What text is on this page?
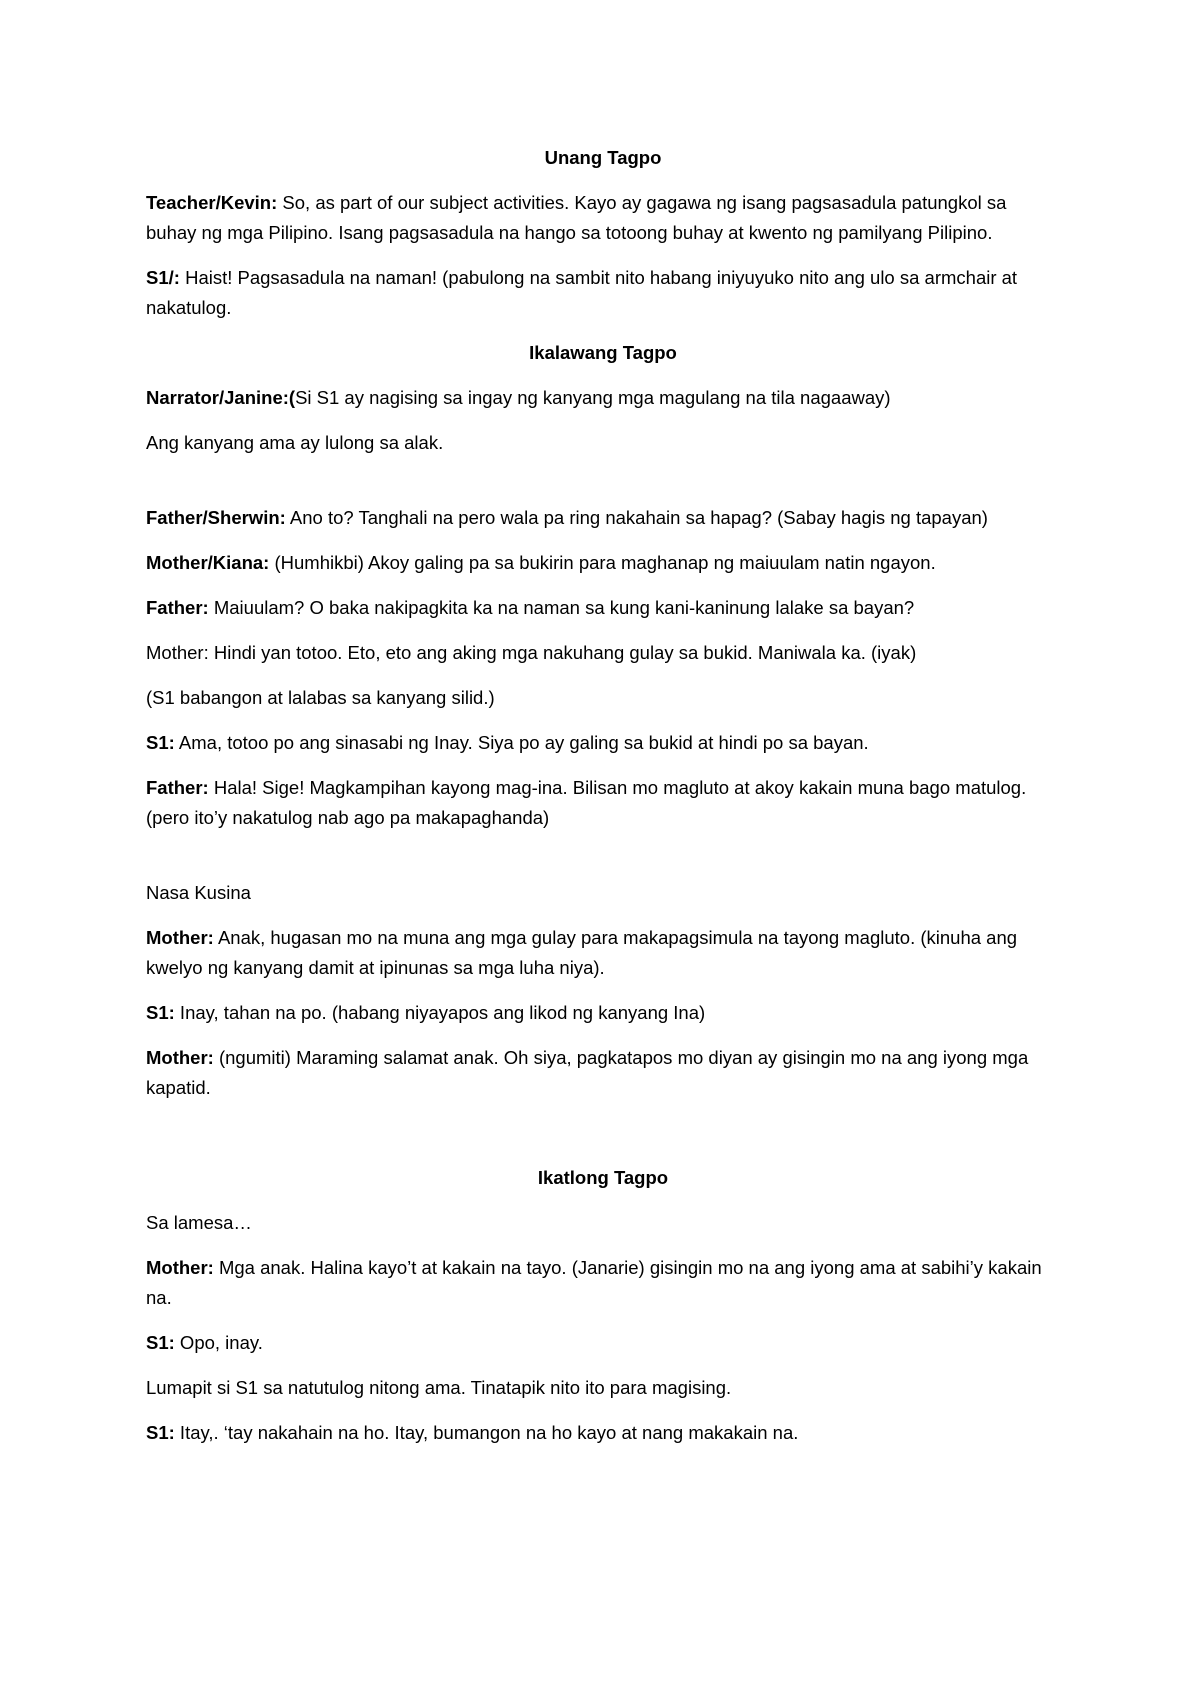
Unang Tagpo

Teacher/Kevin: So, as part of our subject activities. Kayo ay gagawa ng isang pagsasadula patungkol sa buhay ng mga Pilipino. Isang pagsasadula na hango sa totoong buhay at kwento ng pamilyang Pilipino.

S1/: Haist! Pagsasadula na naman! (pabulong na sambit nito habang iniyuyuko nito ang ulo sa armchair at nakatulog.

Ikalawang Tagpo

Narrator/Janine:(Si S1 ay nagising sa ingay ng kanyang mga magulang na tila nagaaway)

Ang kanyang ama ay lulong sa alak.

Father/Sherwin: Ano to? Tanghali na pero wala pa ring nakahain sa hapag? (Sabay hagis ng tapayan)

Mother/Kiana: (Humhikbi) Akoy galing pa sa bukirin para maghanap ng maiuulam natin ngayon.

Father: Maiuulam? O baka nakipagkita ka na naman sa kung kani-kaninung lalake sa bayan?

Mother: Hindi yan totoo. Eto, eto ang aking mga nakuhang gulay sa bukid. Maniwala ka. (iyak)

(S1 babangon at lalabas sa kanyang silid.)

S1: Ama, totoo po ang sinasabi ng Inay. Siya po ay galing sa bukid at hindi po sa bayan.

Father: Hala! Sige! Magkampihan kayong mag-ina. Bilisan mo magluto at akoy kakain muna bago matulog. (pero ito’y nakatulog nab ago pa makapaghanda)

Nasa Kusina

Mother: Anak, hugasan mo na muna ang mga gulay para makapagsimula na tayong magluto. (kinuha ang kwelyo ng kanyang damit at ipinunas sa mga luha niya).

S1: Inay, tahan na po. (habang niyayapos ang likod ng kanyang Ina)

Mother: (ngumiti) Maraming salamat anak. Oh siya, pagkatapos mo diyan ay gisingin mo na ang iyong mga kapatid.

Ikatlong Tagpo

Sa lamesa…

Mother: Mga anak. Halina kayo’t at kakain na tayo. (Janarie) gisingin mo na ang iyong ama at sabihi’y kakain na.

S1: Opo, inay.

Lumapit si S1 sa natutulog nitong ama. Tinatapik nito ito para magising.

S1: Itay,. ‘tay nakahain na ho. Itay, bumangon na ho kayo at nang makakain na.
